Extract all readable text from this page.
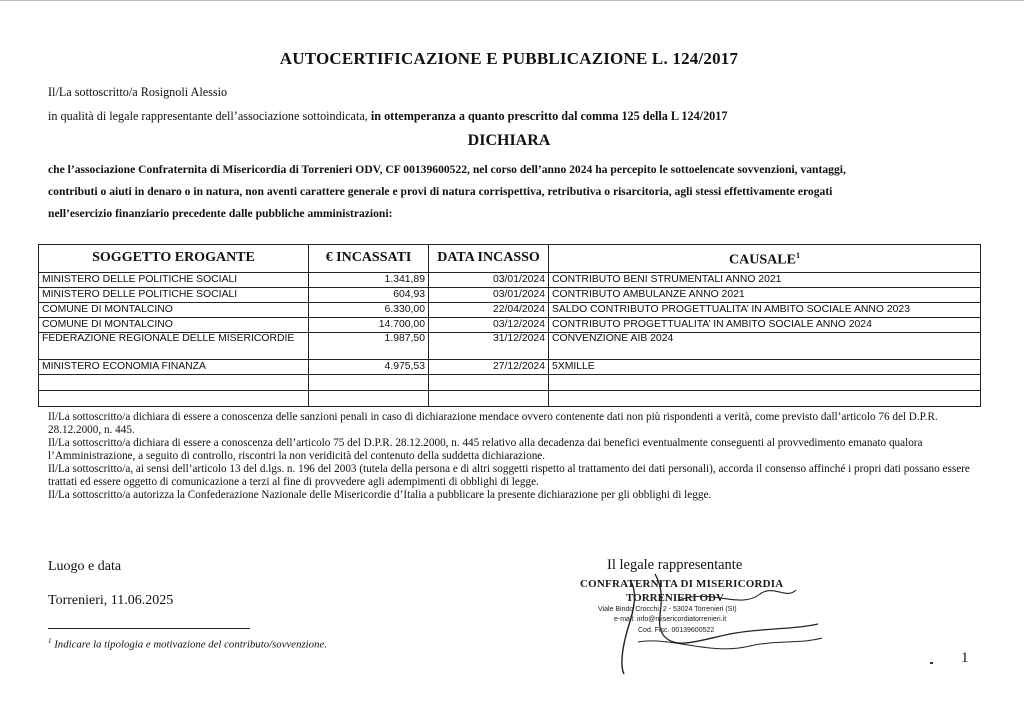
AUTOCERTIFICAZIONE E PUBBLICAZIONE L. 124/2017
Il/La sottoscritto/a Rosignoli Alessio
in qualità di legale rappresentante dell’associazione sottoindicata, in ottemperanza a quanto prescritto dal comma 125 della L 124/2017
DICHIARA
che l’associazione Confraternita di Misericordia di Torrenieri ODV, CF 00139600522, nel corso dell’anno 2024 ha percepito le sottoelencate sovvenzioni, vantaggi,
contributi o aiuti in denaro o in natura, non aventi carattere generale e provi di natura corrispettiva, retributiva o risarcitoria, agli stessi effettivamente erogati
nell’esercizio finanziario precedente dalle pubbliche amministrazioni:
SOGGETTO EROGANTE	€ INCASSATI	DATA INCASSO	CAUSALE$^1$
MINISTERO DELLE POLITICHE SOCIALI	1.341,89	03/01/2024	CONTRIBUTO BENI STRUMENTALI ANNO 2021
MINISTERO DELLE POLITICHE SOCIALI	604,93	03/01/2024	CONTRIBUTO AMBULANZE ANNO 2021
COMUNE DI MONTALCINO	6.330,00	22/04/2024	SALDO CONTRIBUTO PROGETTUALITA’ IN AMBITO SOCIALE ANNO 2023
COMUNE DI MONTALCINO	14.700,00	03/12/2024	CONTRIBUTO PROGETTUALITA’ IN AMBITO SOCIALE ANNO 2024
FEDERAZIONE REGIONALE DELLE MISERICORDIE	1.987,50	31/12/2024	CONVENZIONE AIB 2024
MINISTERO ECONOMIA FINANZA	4.975,53	27/12/2024	5XMILLE

Il/La sottoscritto/a dichiara di essere a conoscenza delle sanzioni penali in caso di dichiarazione mendace ovvero contenente dati non più rispondenti a verità, come previsto dall’articolo 76 del D.P.R. 28.12.2000, n. 445.

Il/La sottoscritto/a dichiara di essere a conoscenza dell’articolo 75 del D.P.R. 28.12.2000, n. 445 relativo alla decadenza dai benefici eventualmente conseguenti al provvedimento emanato qualora l’Amministrazione, a seguito di controllo, riscontri la non veridicità del contenuto della suddetta dichiarazione.

Il/La sottoscritto/a, ai sensi dell’articolo 13 del d.lgs. n. 196 del 2003 (tutela della persona e di altri soggetti rispetto al trattamento dei dati personali), accorda il consenso affinché i propri dati possano essere trattati ed essere oggetto di comunicazione a terzi al fine di provvedere agli adempimenti di obblighi di legge.

Il/La sottoscritto/a autorizza la Confederazione Nazionale delle Misericordie d’Italia a pubblicare la presente dichiarazione per gli obblighi di legge.

Luogo e data
Torrenieri, 11.06.2025
$^1$ Indicare la tipologia e motivazione del contributo/sovvenzione.
Il legale rappresentante
CONFRATERNITA DI MISERICORDIA
TORRENIERI ODV
Viale Bindo Crocchi, 2 - 53024 Torrenieri (SI)
e-mail: info@misericordiatorrenieri.it
Cod. Fisc. 00139600522
1
